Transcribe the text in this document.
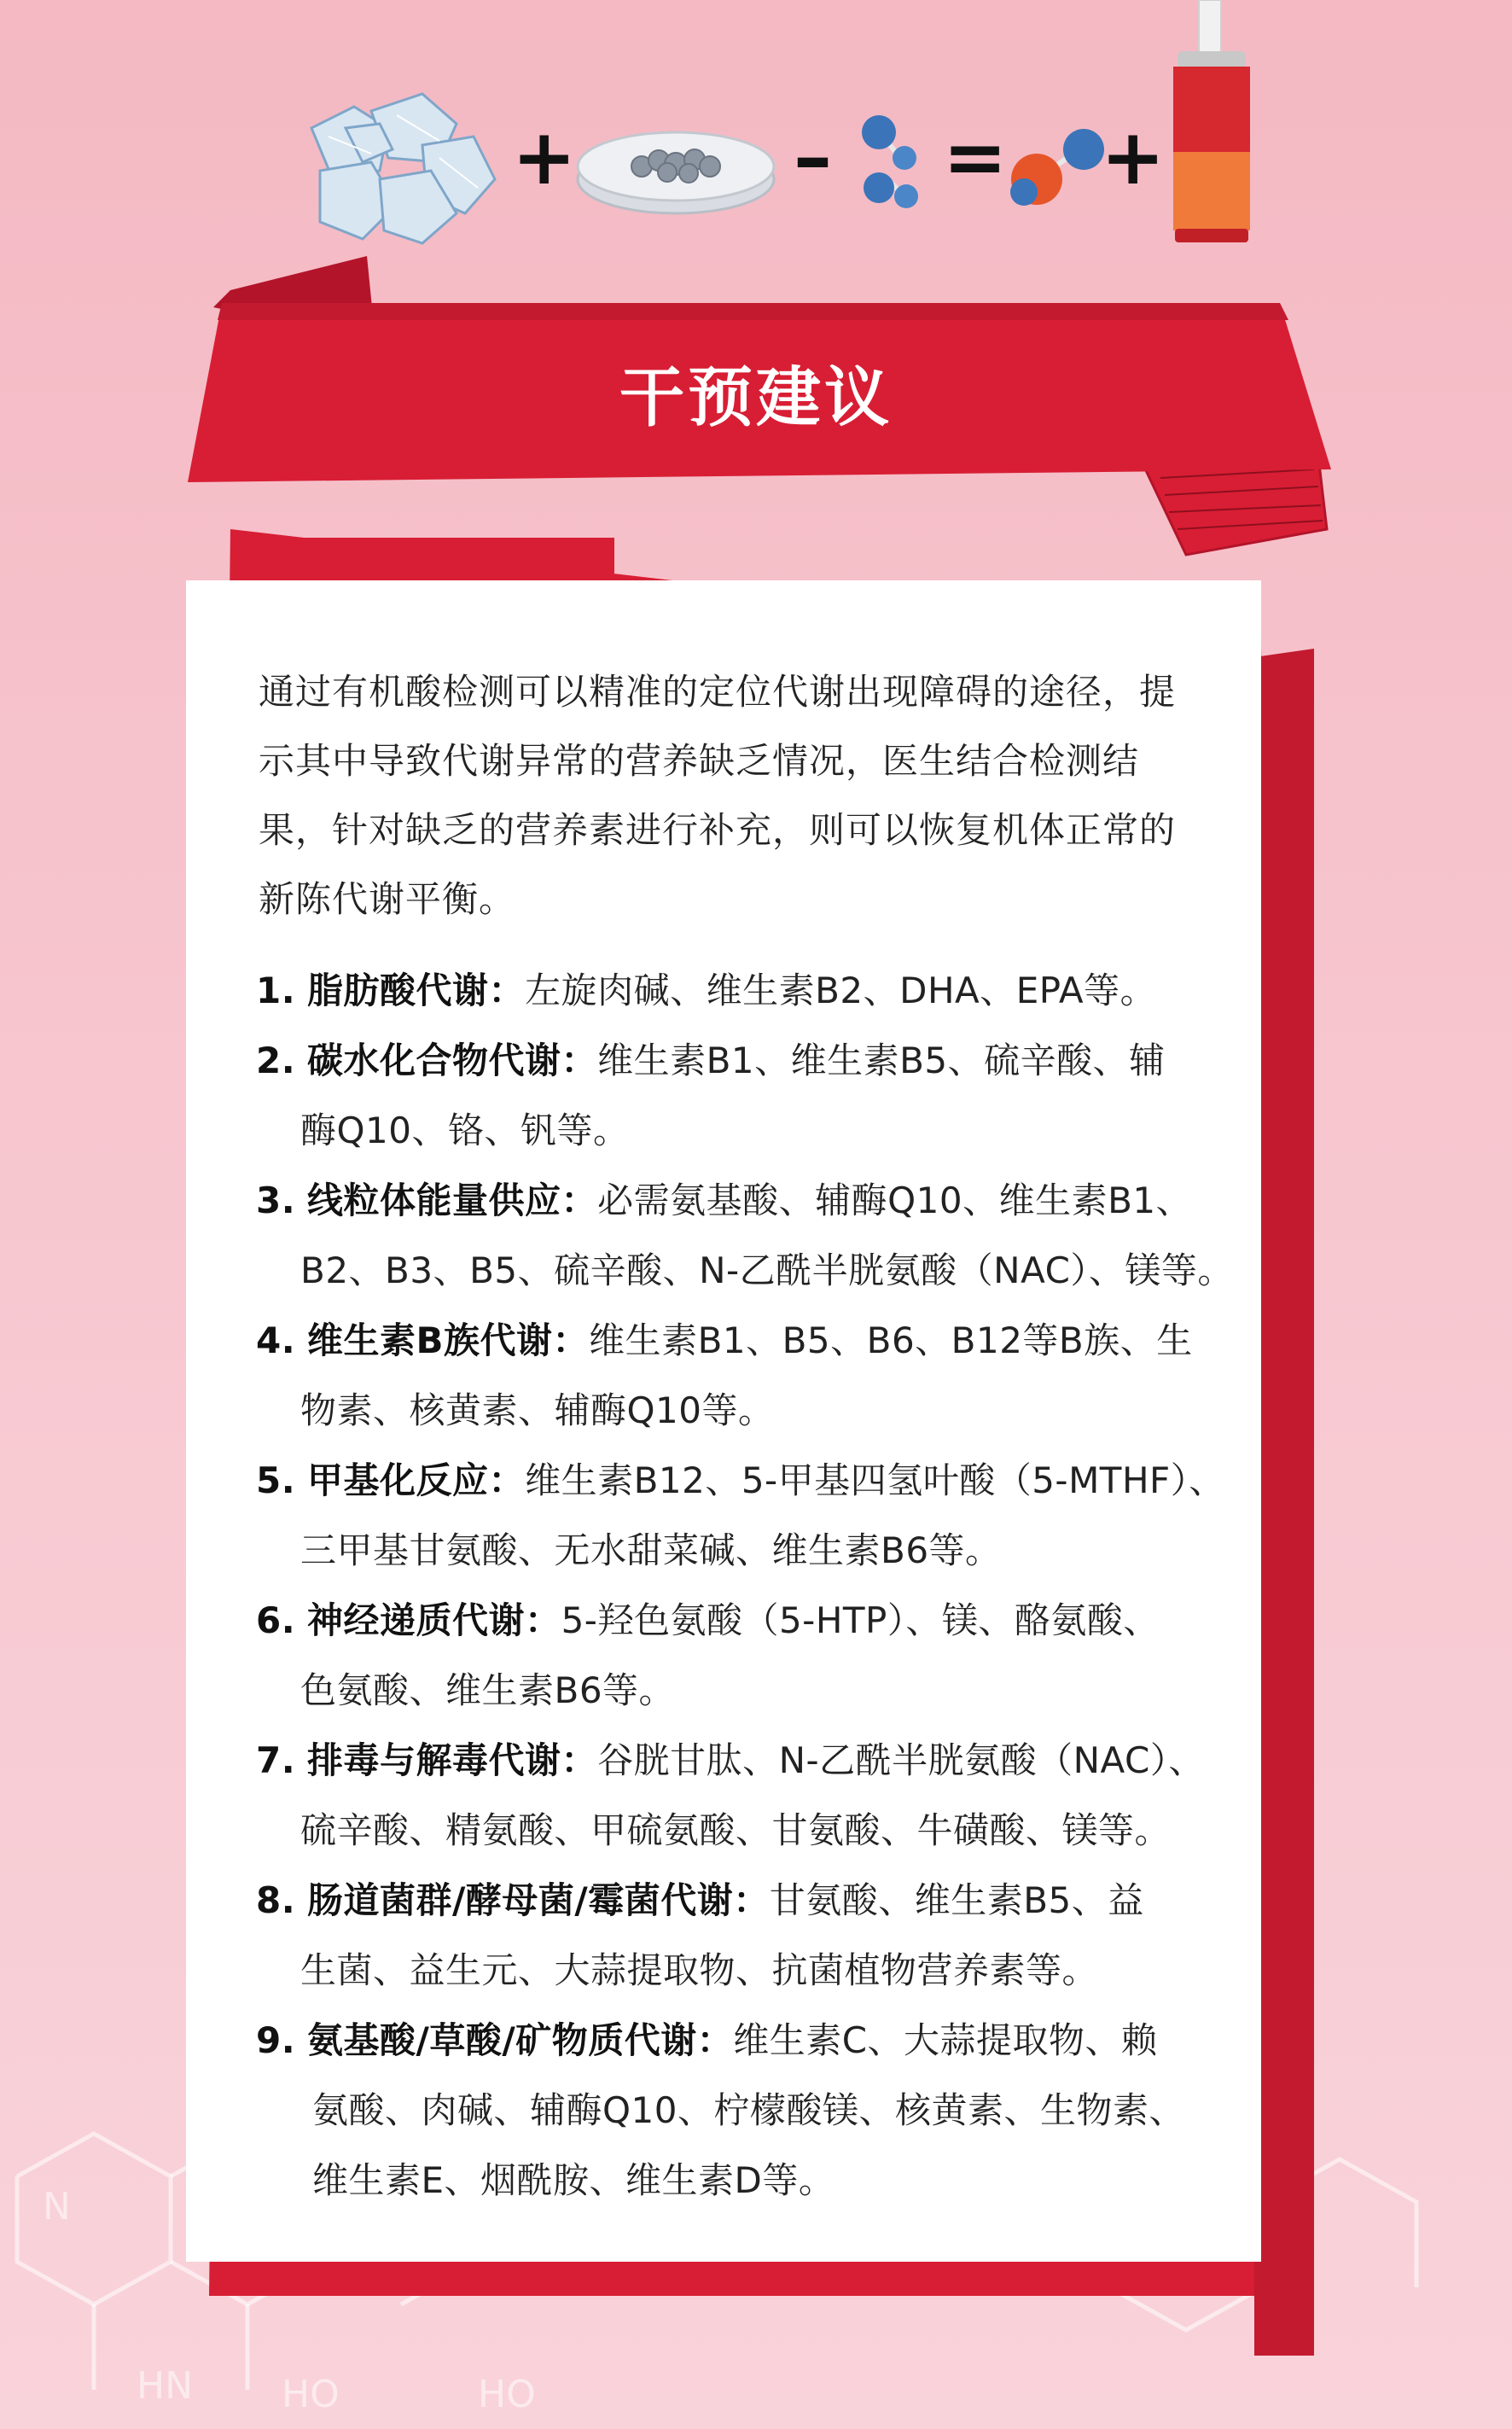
N
HN HO	HO
+	– = +
干预建议
通过有机酸检测可以精准的定位代谢出现障碍的途径，提示其中导致代谢异常的营养缺乏情况，医生结合检测结果，针对缺乏的营养素进行补充，则可以恢复机体正常的新陈代谢平衡。
1. 脂肪酸代谢：左旋肉碱、维生素B2、DHA、EPA等。
2. 碳水化合物代谢：维生素B1、维生素B5、硫辛酸、辅
酶Q10、铬、钒等。
3. 线粒体能量供应：必需氨基酸、辅酶Q10、维生素B1、
B2、B3、B5、硫辛酸、N-乙酰半胱氨酸（NAC）、镁等。
4. 维生素B族代谢：维生素B1、B5、B6、B12等B族、生
物素、核黄素、辅酶Q10等。
5. 甲基化反应：维生素B12、5-甲基四氢叶酸（5-MTHF）、
三甲基甘氨酸、无水甜菜碱、维生素B6等。
6. 神经递质代谢：5-羟色氨酸（5-HTP）、镁、酪氨酸、
色氨酸、维生素B6等。
7. 排毒与解毒代谢：谷胱甘肽、N-乙酰半胱氨酸（NAC）、
硫辛酸、精氨酸、甲硫氨酸、甘氨酸、牛磺酸、镁等。
8. 肠道菌群/酵母菌/霉菌代谢：甘氨酸、维生素B5、益
生菌、益生元、大蒜提取物、抗菌植物营养素等。
9. 氨基酸/草酸/矿物质代谢：维生素C、大蒜提取物、赖
氨酸、肉碱、辅酶Q10、柠檬酸镁、核黄素、生物素、
维生素E、烟酰胺、维生素D等。
